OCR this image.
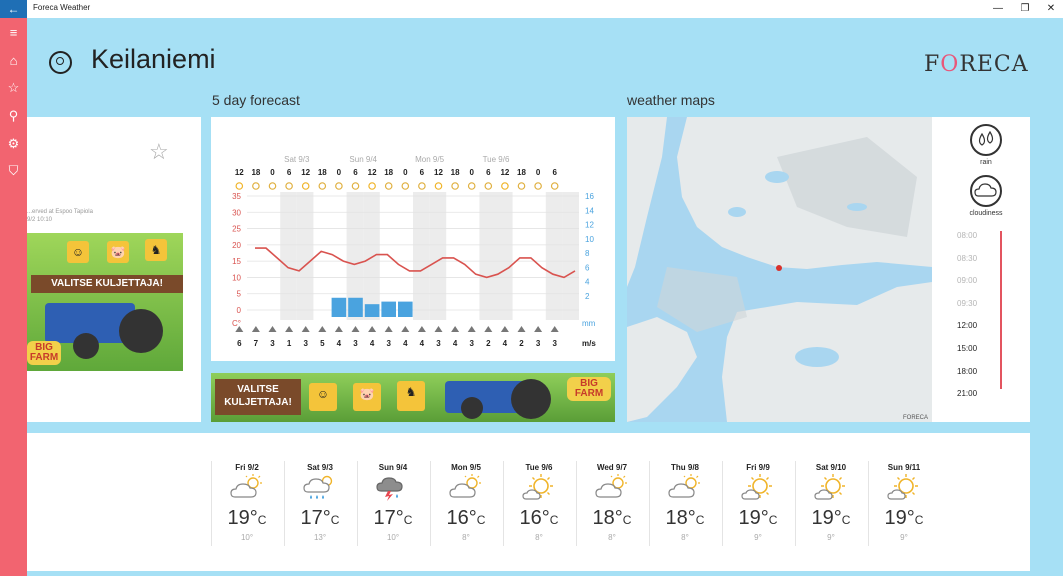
←	Foreca Weather	—	❐	✕
≡
⌂
☆
⚲
⚙
⛉
Keilaniemi	FORECA
5 day forecast	weather maps
☆
...erved at Espoo Tapiola
9/2 10:10
☺	🐷	♞
VALITSE KULJETTAJA!
BIG
FARM
35
30
25
20
15
10
5
0
C°
16
14
12
10
8
6
4
2
mm
Sat 9/3	Sun 9/4	Mon 9/5	Tue 9/6
12 18 0 6 12 18 0 6 12 18 0 6 12 18 0 6 12 18 0 6
6 7 3 1 3 5 4 3 4 3 4 4 3 4 3 2 4 2 3 3	m/s
VALITSE
KULJETTAJA!
☺	🐷	♞
BIG
FARM
FORECA
rain
cloudiness
08:00
08:30
09:00
09:30
12:00
15:00
18:00
21:00
Fri 9/2
19°C
10°
Sat 9/3
17°C
13°
Sun 9/4
17°C
10°
Mon 9/5
16°C
8°
Tue 9/6
16°C
8°
Wed 9/7
18°C
8°
Thu 9/8
18°C
8°
Fri 9/9
19°C
9°
Sat 9/10
19°C
9°
Sun 9/11
19°C
9°
